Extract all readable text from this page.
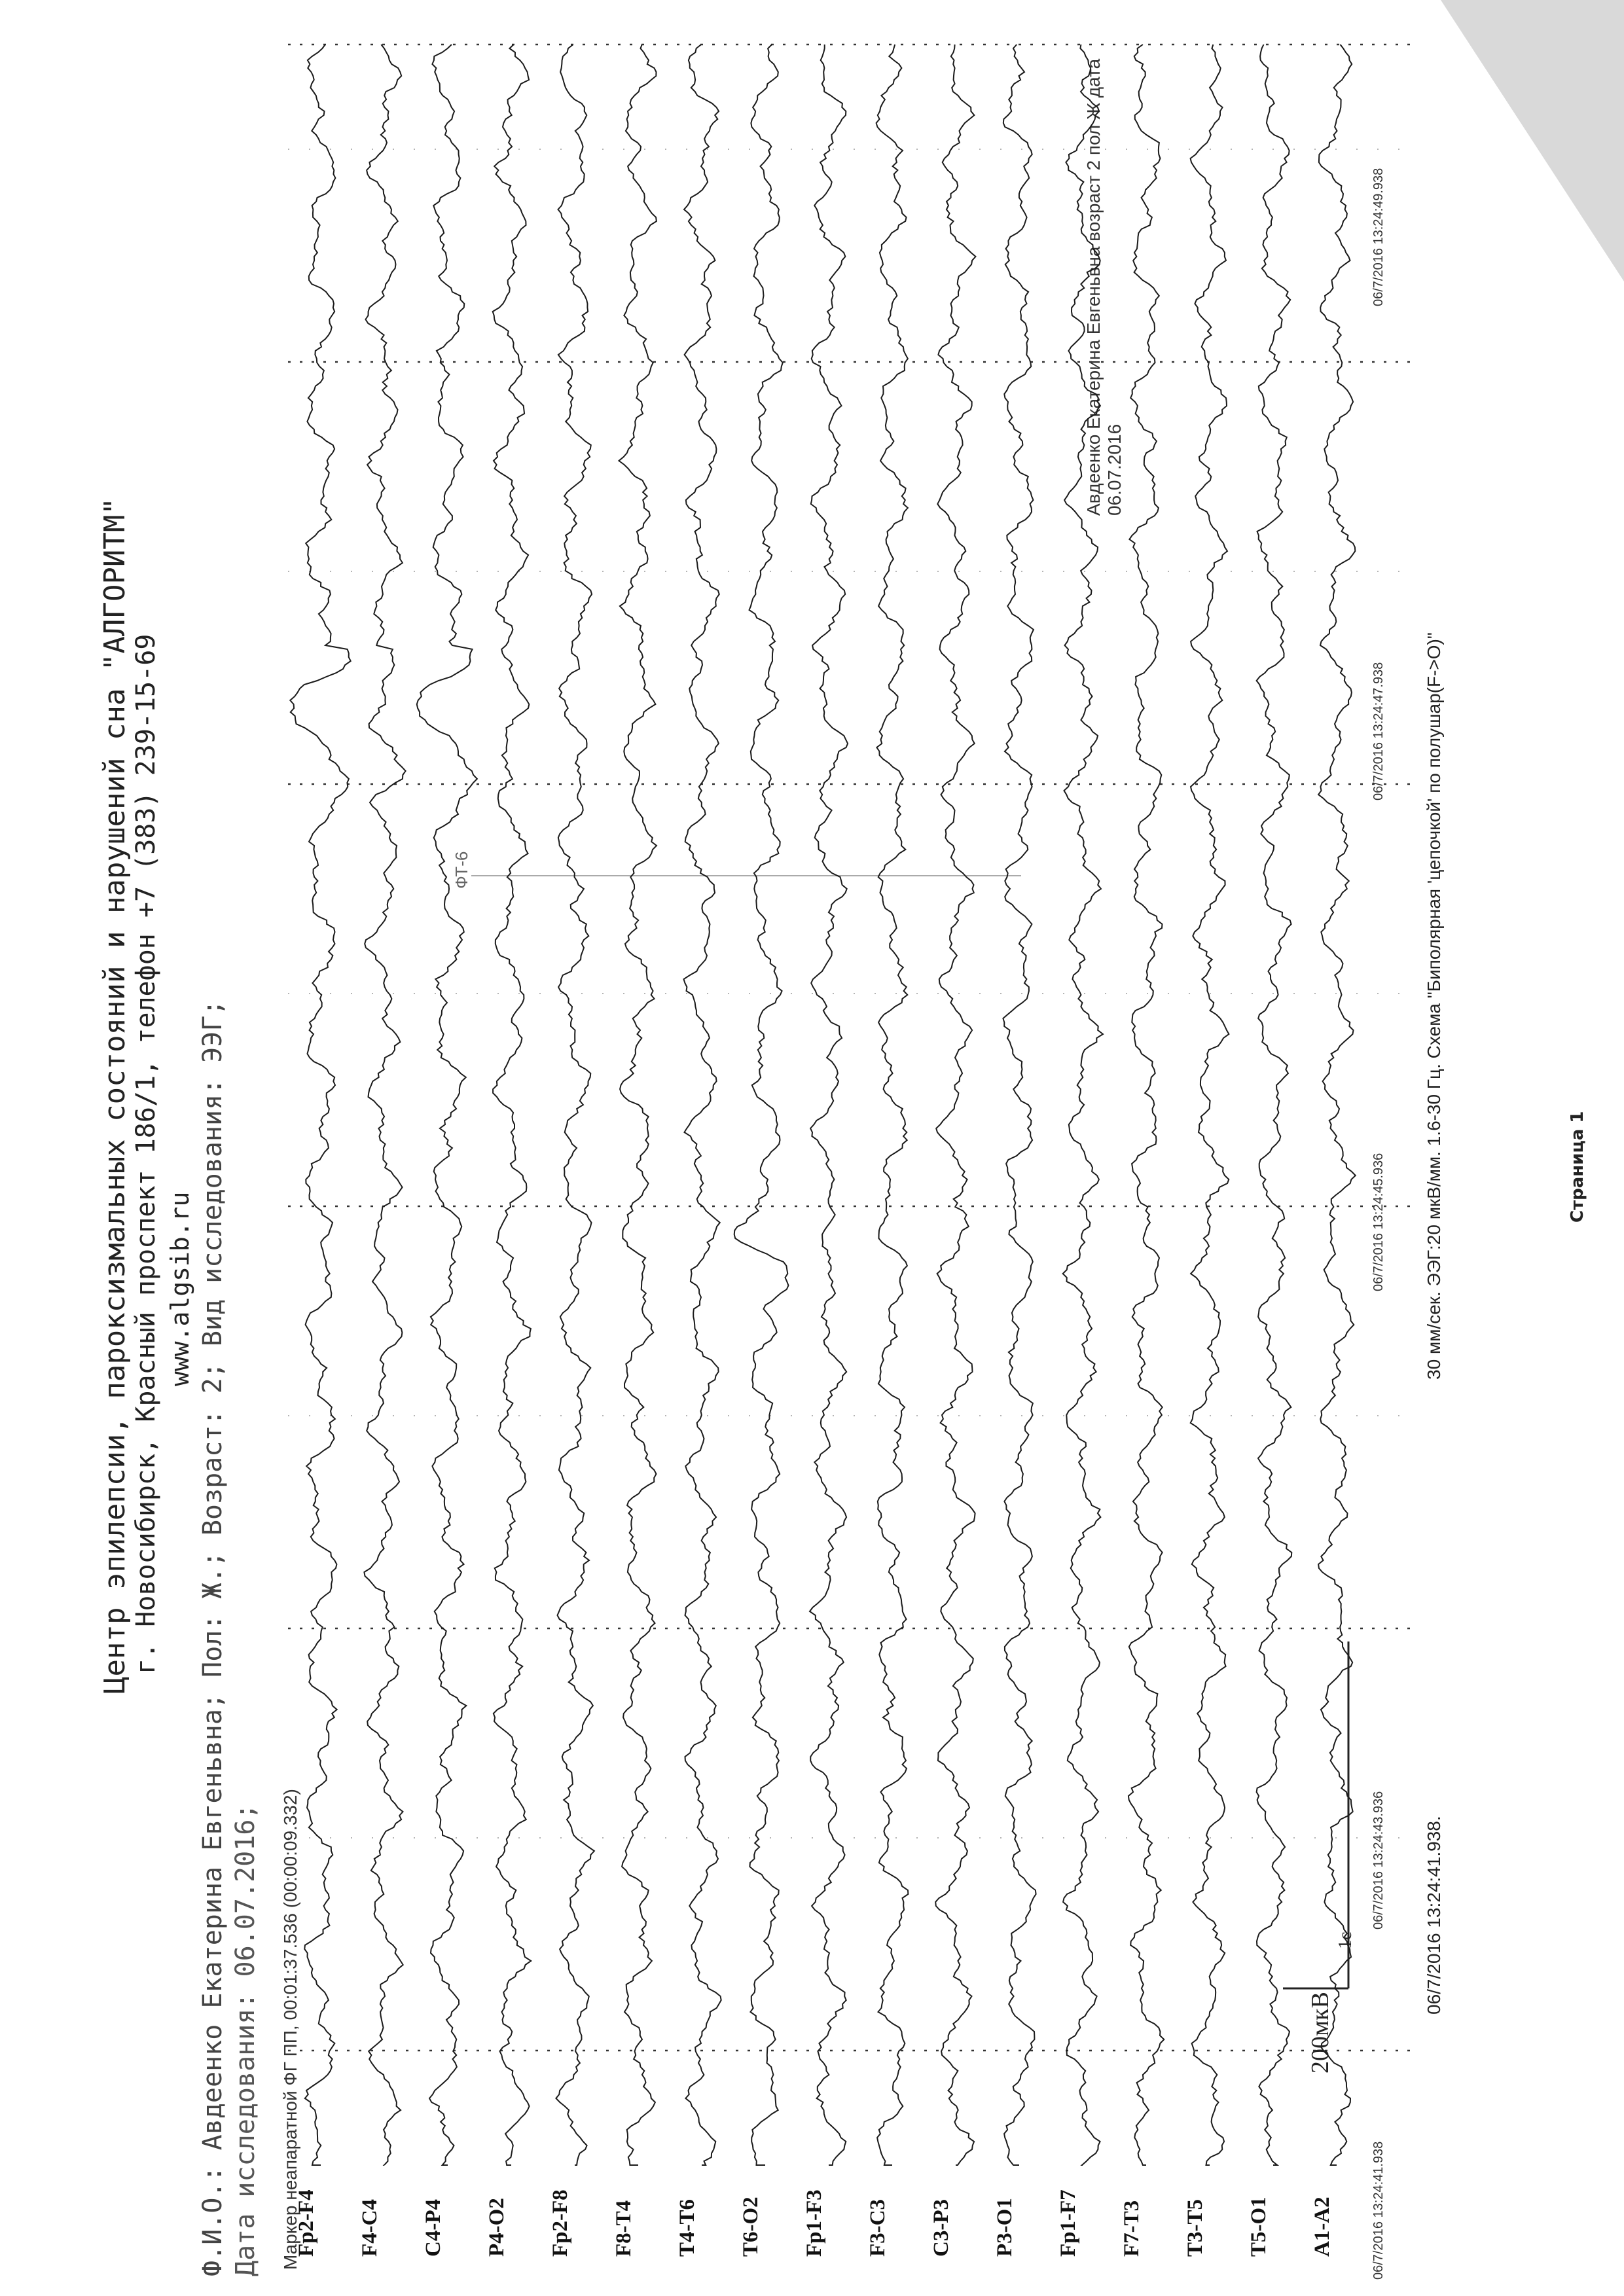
Центр эпилепсии, пароксизмальных состояний и нарушений сна "АЛГОРИТМ" г. Новосибирск, Красный проспект 186/1, телефон +7 (383) 239-15-69 www.algsib.ru Ф.И.О.: Авдеенко Екатерина Евгеньвна; Пол: Ж.; Возраст: 2; Вид исследования: ЭЭГ; Дата исследования: 06.07.2016; Маркер неапаратной ФГ ПП, 00:01:37.536 (00:00:09.332)
Авдеенко Екатерина Евгеньвна возраст 2 пол Ж дата 06.07.2016
Fp2-F4 F4-C4 C4-P4 P4-O2 Fp2-F8 F8-T4 T4-T6 T6-O2 Fp1-F3 F3-C3 C3-P3 P3-O1 Fp1-F7 F7-T3 T3-T5 T5-O1 A1-A2	06/7/2016 13:24:41.938
06/7/2016 13:24:43.936
06/7/2016 13:24:45.936
06/7/2016 13:24:47.938
06/7/2016 13:24:49.938
ФТ-6
200мкВ
1с	06/7/2016 13:24:41.938.
30 мм/сек. ЭЭГ:20 мкВ/мм. 1.6-30 Гц. Схема "Биполярная 'цепочкой' по полушар(F->O)"	Страница 1
